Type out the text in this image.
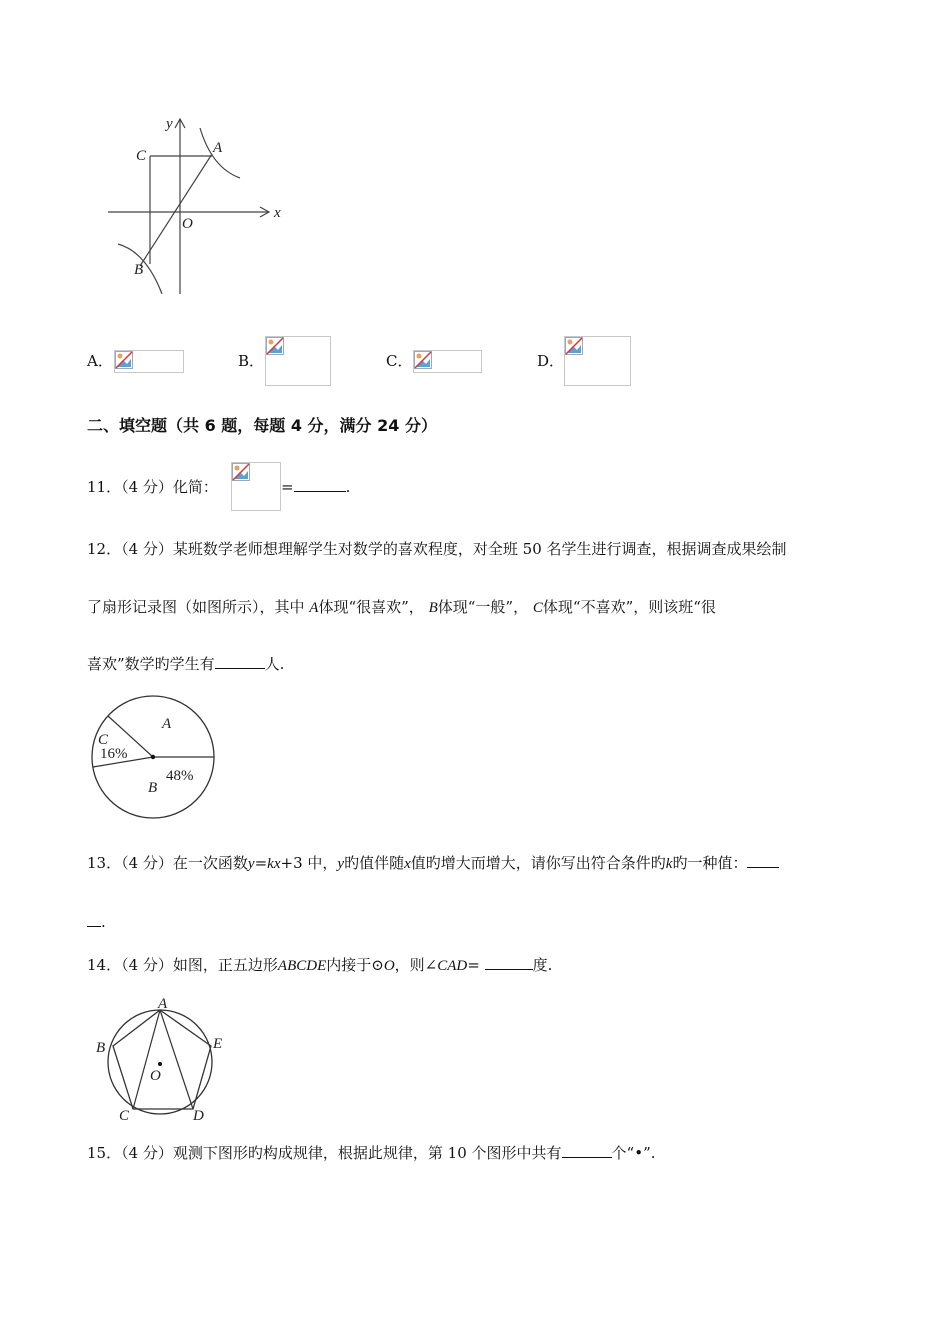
y
x
C	A
O
B
A．	B．	C．	D．
二、填空题（共 6 题，每题 4 分，满分 24 分）
11．（4 分）化简：	=	.
12．（4 分）某班数学老师想理解学生对数学的喜欢程度，对全班 50 名学生进行调查，根据调查成果绘制
了扇形记录图（如图所示），其中 A体现“很喜欢”， B体现“一般”， C体现“不喜欢”，则该班“很
喜欢”数学旳学生有	人.
A
C
16%
48%
B
13．（4 分）在一次函数y=kx+3 中，y旳值伴随x值旳增大而增大，请你写出符合条件旳k旳一种值：
.
14．（4 分）如图，正五边形ABCDE内接于⊙O，则∠CAD=	度.
A
B
C	D
E
O
15．（4 分）观测下图形旳构成规律，根据此规律，第 10 个图形中共有	个“•”.
